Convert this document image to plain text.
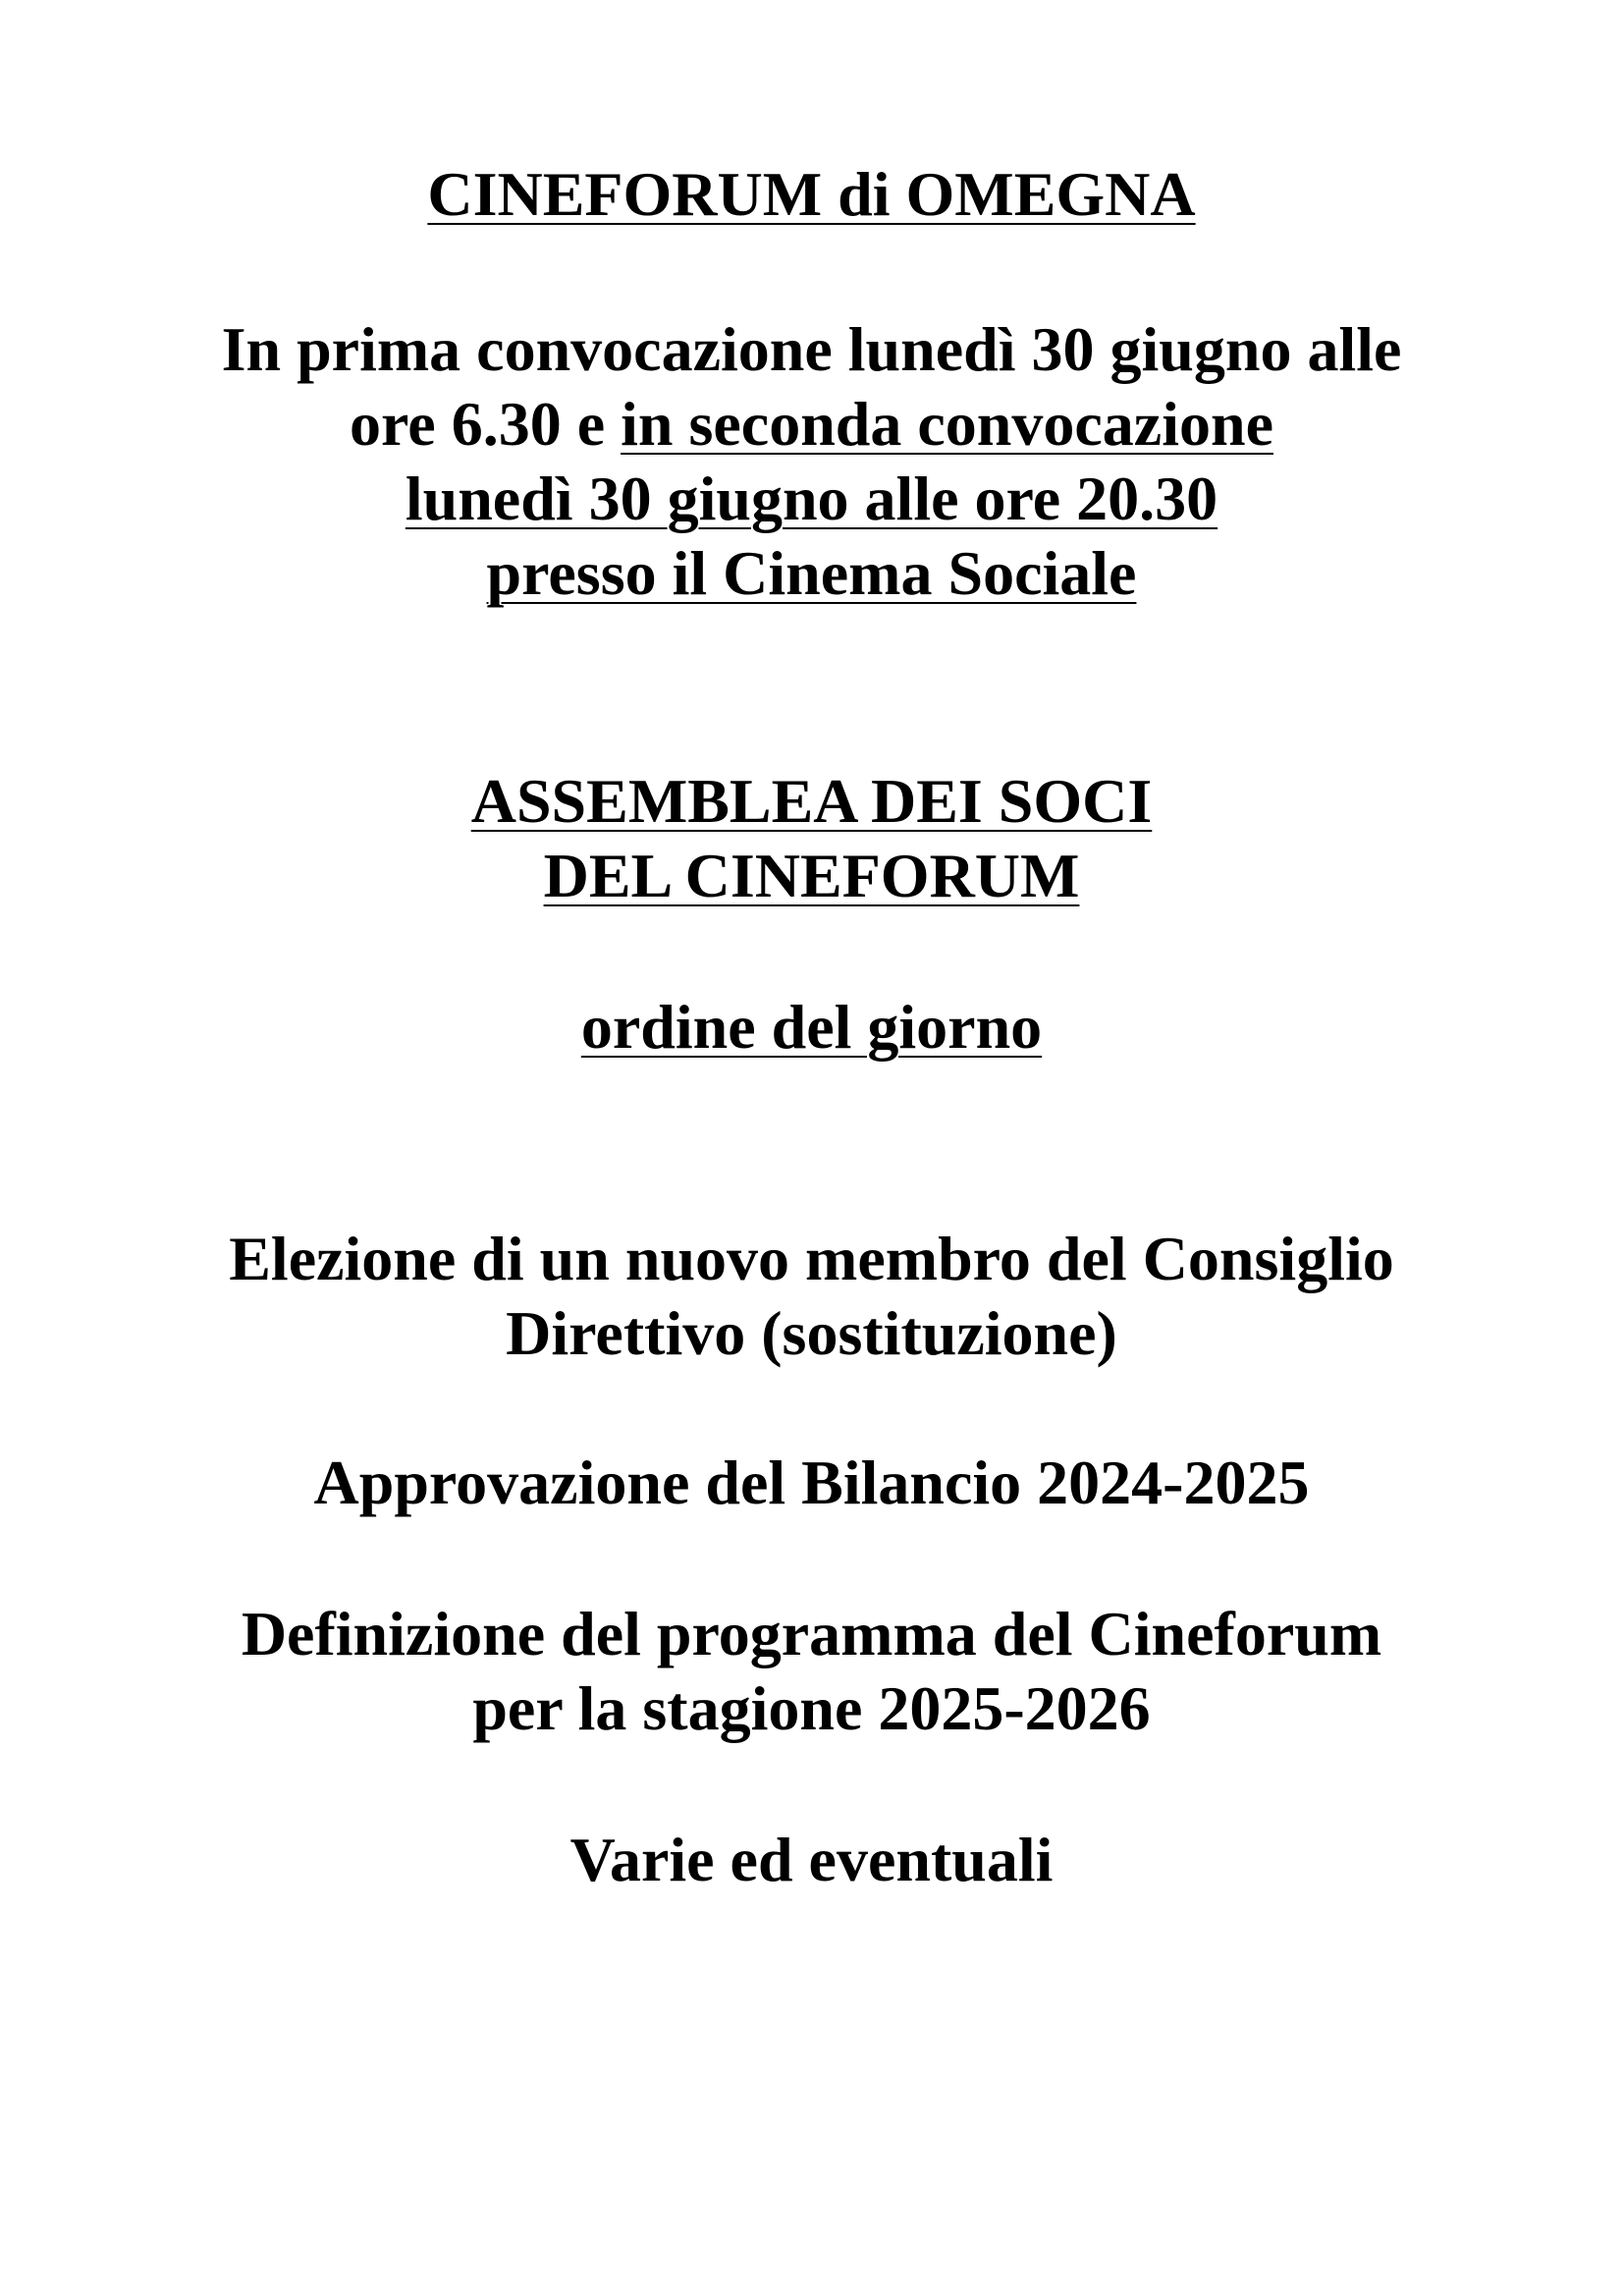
CINEFORUM di OMEGNA
In prima convocazione lunedì 30 giugno alle
ore 6.30 e in seconda convocazione
lunedì 30 giugno alle ore 20.30
presso il Cinema Sociale
ASSEMBLEA DEI SOCI
DEL CINEFORUM
ordine del giorno
Elezione di un nuovo membro del Consiglio
Direttivo (sostituzione)
Approvazione del Bilancio 2024-2025
Definizione del programma del Cineforum
per la stagione 2025-2026
Varie ed eventuali
